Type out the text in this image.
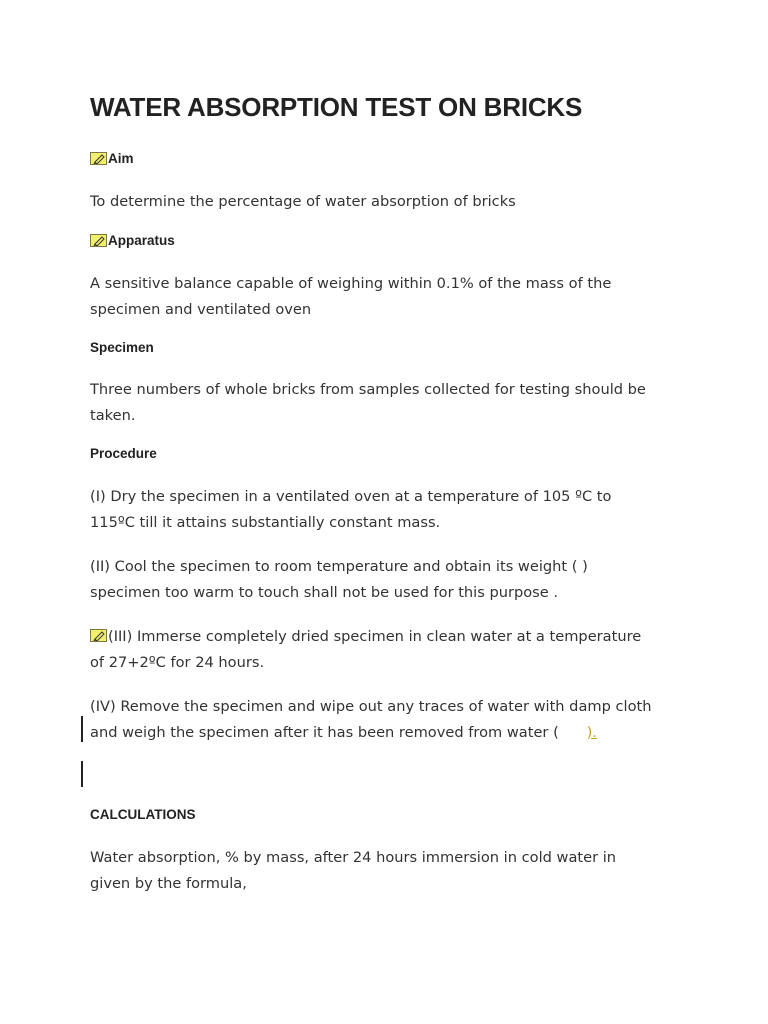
WATER ABSORPTION TEST ON BRICKS
Aim
To determine the percentage of water absorption of bricks
Apparatus
A sensitive balance capable of weighing within 0.1% of the mass of the
specimen and ventilated oven
Specimen
Three numbers of whole bricks from samples collected for testing should be
taken.
Procedure
(I) Dry the specimen in a ventilated oven at a temperature of 105 ºC to
115ºC till it attains substantially constant mass.
(II) Cool the specimen to room temperature and obtain its weight ( )
specimen too warm to touch shall not be used for this purpose .
(III) Immerse completely dried specimen in clean water at a temperature
of 27+2ºC for 24 hours.
(IV) Remove the specimen and wipe out any traces of water with damp cloth
and weigh the specimen after it has been removed from water (      ).
CALCULATIONS
Water absorption, % by mass, after 24 hours immersion in cold water in
given by the formula,
